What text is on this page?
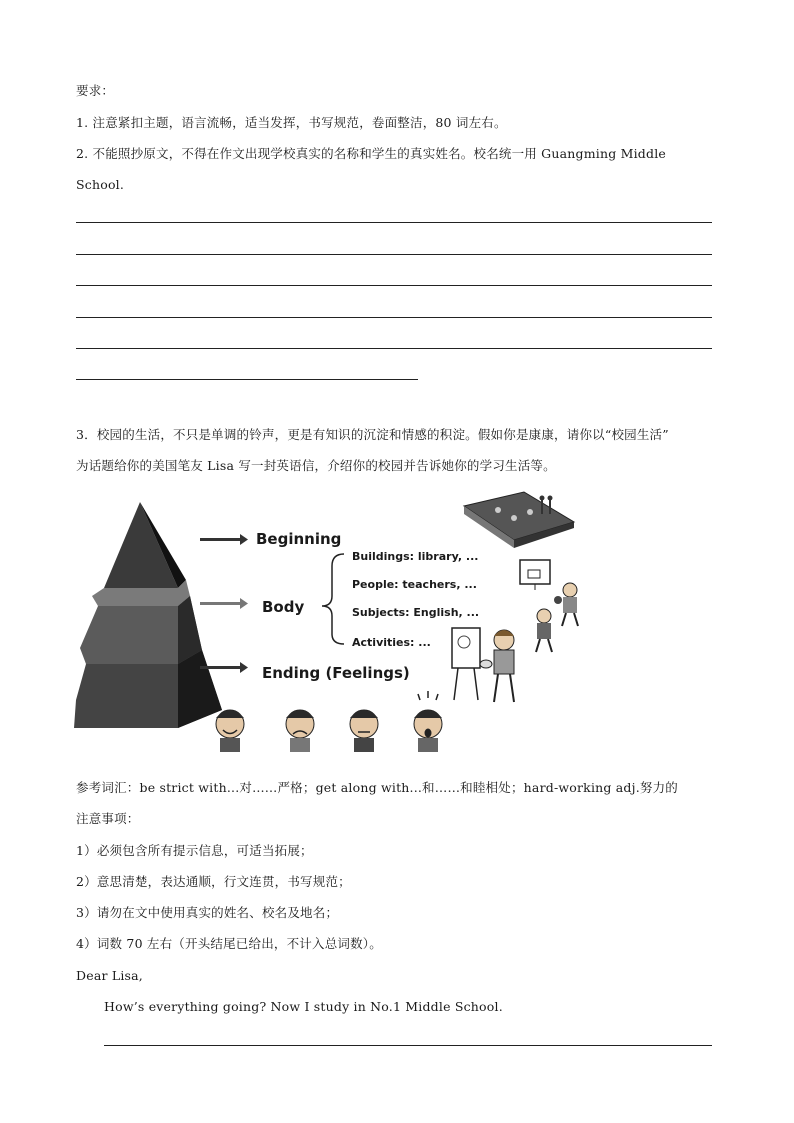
要求：
1. 注意紧扣主题，语言流畅，适当发挥，书写规范，卷面整洁，80 词左右。
2. 不能照抄原文，不得在作文出现学校真实的名称和学生的真实姓名。校名统一用 Guangming Middle
School.
3．校园的生活，不只是单调的铃声，更是有知识的沉淀和情感的积淀。假如你是康康，请你以“校园生活”
为话题给你的美国笔友 Lisa 写一封英语信，介绍你的校园并告诉她你的学习生活等。
Beginning
Body
Ending (Feelings)
Buildings: library, ...
People: teachers, ...
Subjects: English, ...
Activities: ...
参考词汇：be strict with...对……严格；get along with...和……和睦相处；hard-working adj.努力的
注意事项：
1）必须包含所有提示信息，可适当拓展；
2）意思清楚，表达通顺，行文连贯，书写规范；
3）请勿在文中使用真实的姓名、校名及地名；
4）词数 70 左右（开头结尾已给出，不计入总词数）。
Dear Lisa,
How’s everything going? Now I study in No.1 Middle School.
